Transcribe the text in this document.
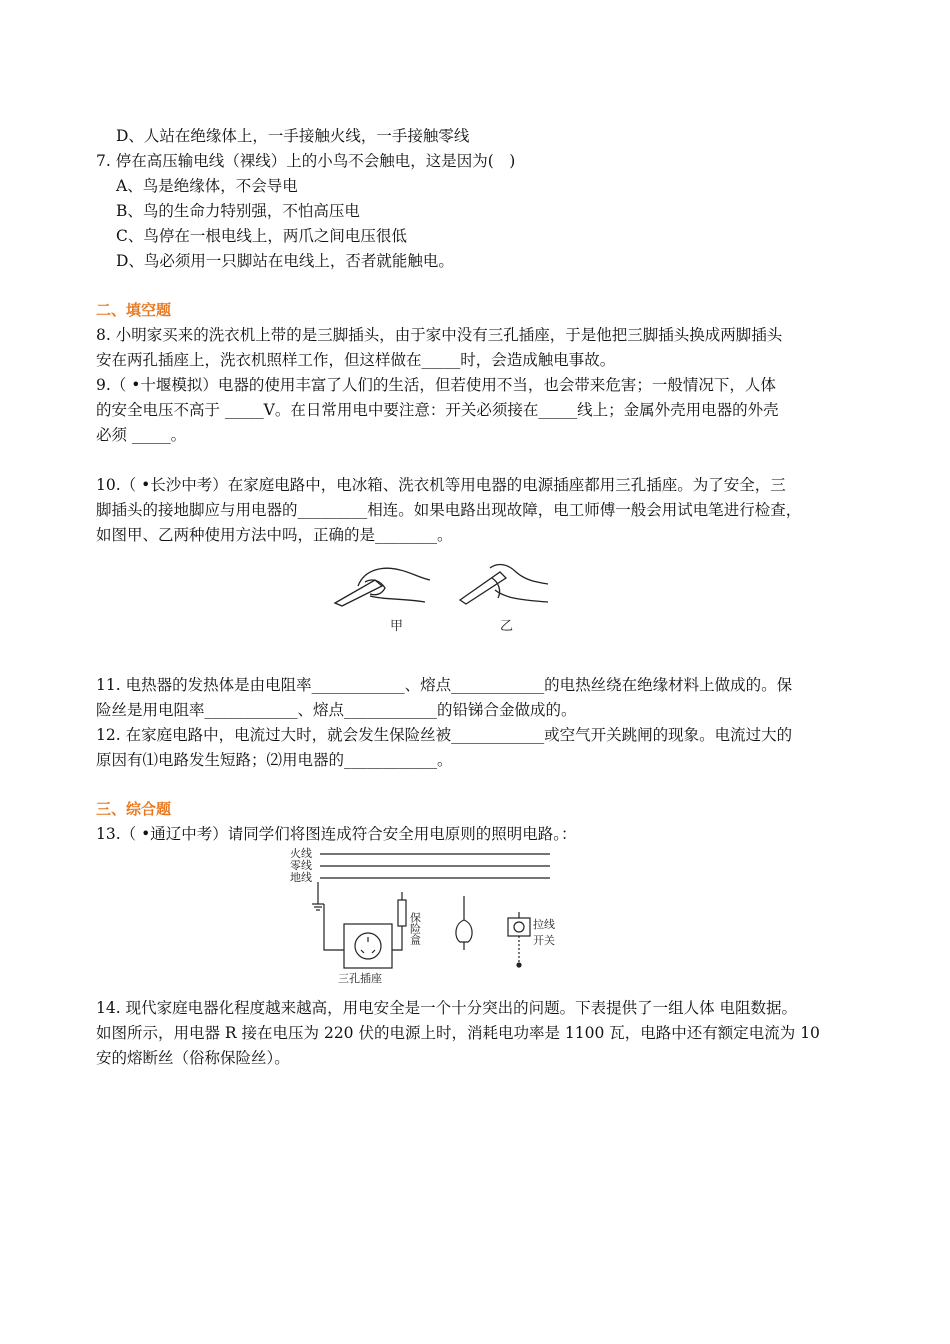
D、人站在绝缘体上，一手接触火线，一手接触零线
7. 停在高压输电线（裸线）上的小鸟不会触电，这是因为(　)
A、鸟是绝缘体，不会导电
B、鸟的生命力特别强，不怕高压电
C、鸟停在一根电线上，两爪之间电压很低
D、鸟必须用一只脚站在电线上，否者就能触电。
二、填空题
8. 小明家买来的洗衣机上带的是三脚插头，由于家中没有三孔插座，于是他把三脚插头换成两脚插头
安在两孔插座上，洗衣机照样工作，但这样做在_____时，会造成触电事故。
9.（ •十堰模拟）电器的使用丰富了人们的生活，但若使用不当，也会带来危害；一般情况下，人体
的安全电压不高于 _____V。在日常用电中要注意：开关必须接在_____线上；金属外壳用电器的外壳
必须 _____。
10.（ •长沙中考）在家庭电路中，电冰箱、洗衣机等用电器的电源插座都用三孔插座。为了安全，三
脚插头的接地脚应与用电器的_________相连。如果电路出现故障，电工师傅一般会用试电笔进行检查，
如图甲、乙两种使用方法中吗，正确的是________。
甲	乙
11. 电热器的发热体是由电阻率____________、熔点____________的电热丝绕在绝缘材料上做成的。保
险丝是用电阻率____________、熔点____________的铅锑合金做成的。
12. 在家庭电路中，电流过大时，就会发生保险丝被____________或空气开关跳闸的现象。电流过大的
原因有⑴电路发生短路；⑵用电器的____________。
三、综合题
13.（ •通辽中考）请同学们将图连成符合安全用电原则的照明电路。：
火线
零线
地线
保险盒
三孔插座
拉线
开关
14. 现代家庭电器化程度越来越高，用电安全是一个十分突出的问题。下表提供了一组人体 电阻数据。
如图所示，用电器 R 接在电压为 220 伏的电源上时，消耗电功率是 1100 瓦，电路中还有额定电流为 10
安的熔断丝（俗称保险丝）。
